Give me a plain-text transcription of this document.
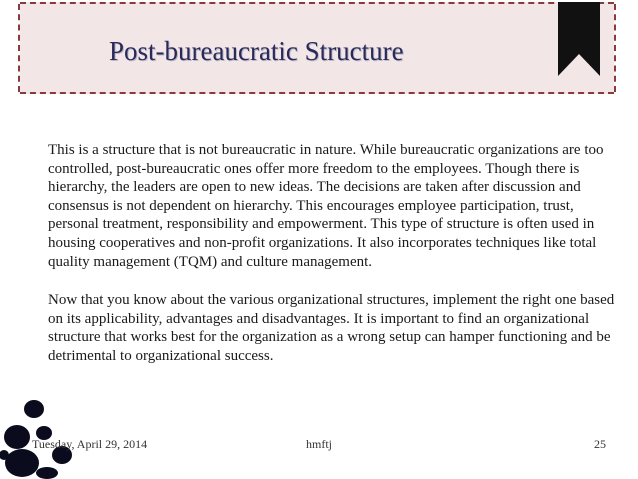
Post-bureaucratic Structure

This is a structure that is not bureaucratic in nature. While bureaucratic organizations are too controlled, post-bureaucratic ones offer more freedom to the employees. Though there is hierarchy, the leaders are open to new ideas. The decisions are taken after discussion and consensus is not dependent on hierarchy. This encourages employee participation, trust, personal treatment, responsibility and empowerment. This type of structure is often used in housing cooperatives and non-profit organizations. It also incorporates techniques like total quality management (TQM) and culture management.

Now that you know about the various organizational structures, implement the right one based on its applicability, advantages and disadvantages. It is important to find an organizational structure that works best for the organization as a wrong setup can hamper functioning and be detrimental to organizational success.

Tuesday, April 29, 2014	hmftj	25
